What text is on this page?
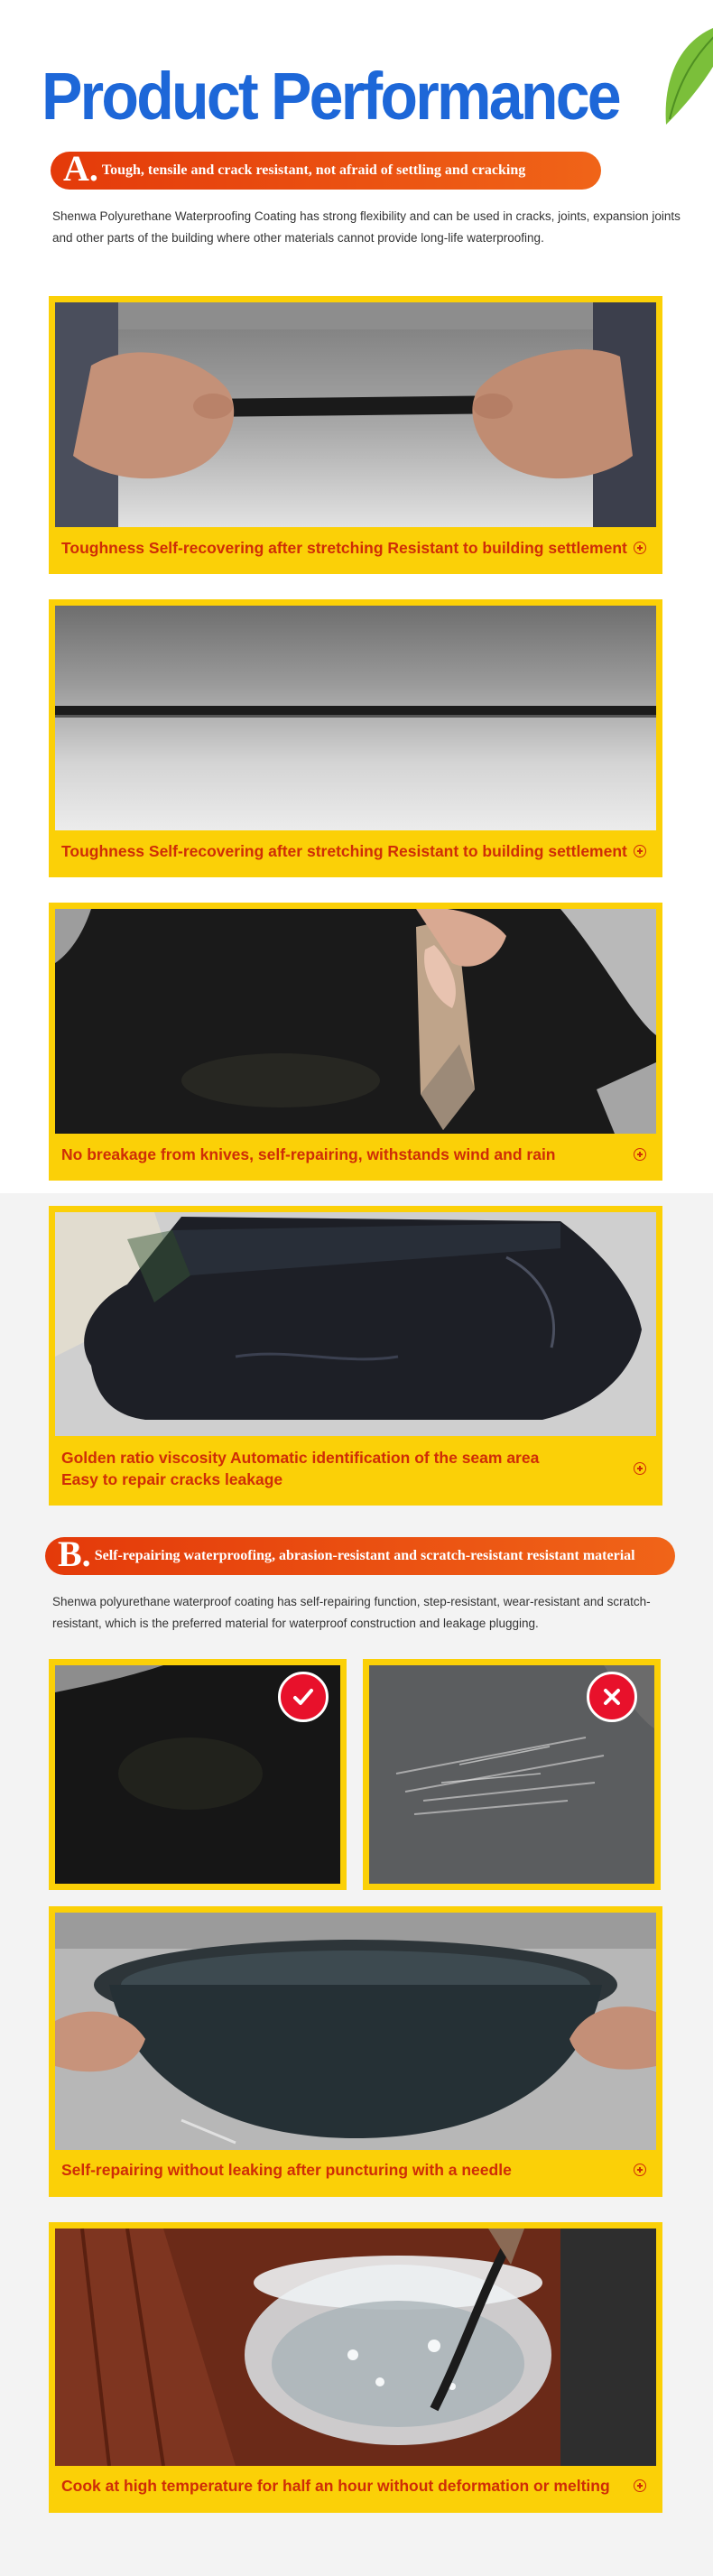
Product Performance
A. Tough, tensile and crack resistant, not afraid of settling and cracking

Shenwa Polyurethane Waterproofing Coating has strong flexibility and can be used in cracks, joints, expansion joints and other parts of the building where other materials cannot provide long-life waterproofing.

Toughness Self-recovering after stretching Resistant to building settlement
Toughness Self-recovering after stretching Resistant to building settlement
No breakage from knives, self-repairing, withstands wind and rain
Golden ratio viscosity Automatic identification of the seam area
Easy to repair cracks leakage
B. Self-repairing waterproofing, abrasion-resistant and scratch-resistant resistant material

Shenwa polyurethane waterproof coating has self-repairing function, step-resistant, wear-resistant and scratch-resistant, which is the preferred material for waterproof construction and leakage plugging.

Self-repairing without leaking after puncturing with a needle
Cook at high temperature for half an hour without deformation or melting
